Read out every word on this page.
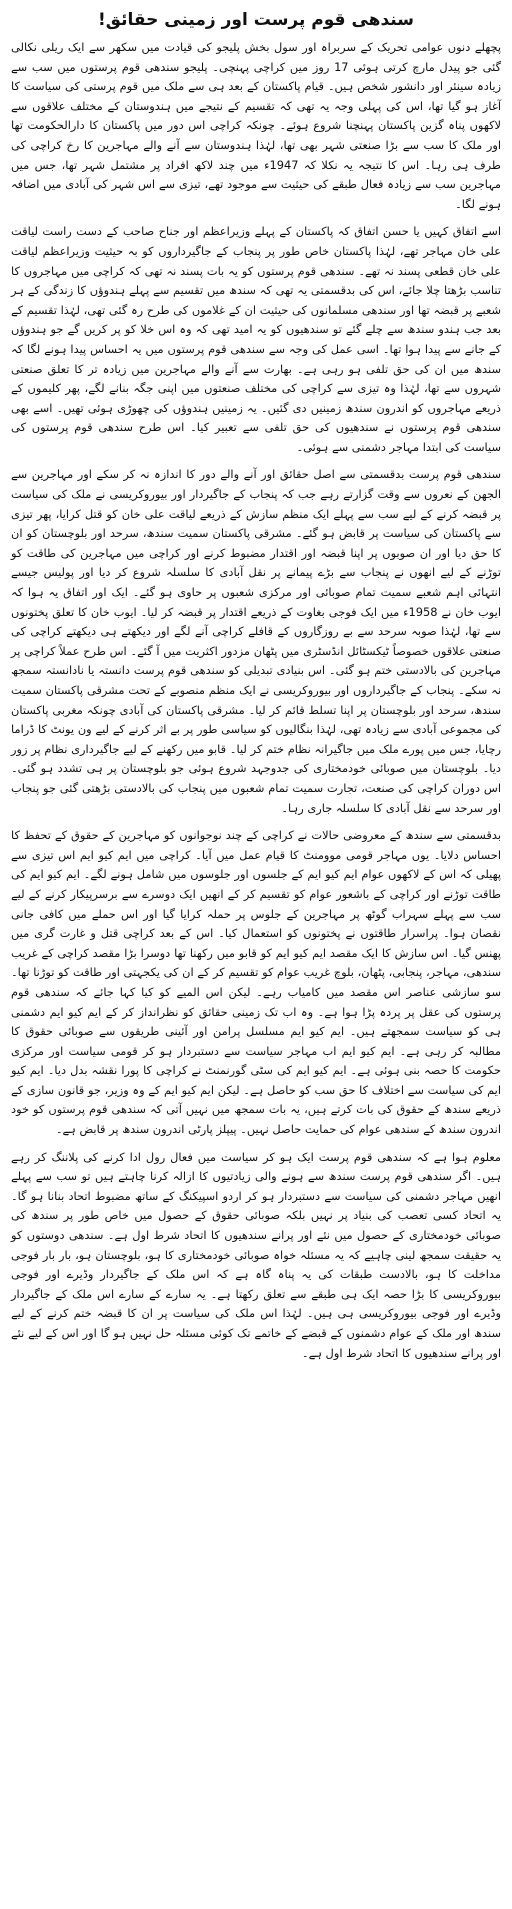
سندھی قوم پرست اور زمینی حقائق!

پچھلے دنوں عوامی تحریک کے سربراہ اور سول بخش پلیجو کی قیادت میں سکھر سے ایک ریلی نکالی گئی جو پیدل مارچ کرتی ہوئی 17 روز میں کراچی پہنچی۔ پلیجو سندھی قوم پرستوں میں سب سے زیادہ سینئر اور دانشور شخص ہیں۔ قیام پاکستان کے بعد ہی سے ملک میں قوم پرستی کی سیاست کا آغاز ہو گیا تھا، اس کی پہلی وجہ یہ تھی کہ تقسیم کے نتیجے میں ہندوستان کے مختلف علاقوں سے لاکھوں پناہ گزین پاکستان پہنچنا شروع ہوئے۔ چونکہ کراچی اس دور میں پاکستان کا دارالحکومت تھا اور ملک کا سب سے بڑا صنعتی شہر بھی تھا، لہٰذا ہندوستان سے آنے والے مہاجرین کا رخ کراچی کی طرف ہی رہا۔ اس کا نتیجہ یہ نکلا کہ 1947ء میں چند لاکھ افراد پر مشتمل شہر تھا، جس میں مہاجرین سب سے زیادہ فعال طبقے کی حیثیت سے موجود تھے، تیزی سے اس شہر کی آبادی میں اضافہ ہونے لگا۔

اسے اتفاق کہیں یا حسن اتفاق کہ پاکستان کے پہلے وزیراعظم اور جناح صاحب کے دست راست لیاقت علی خان مہاجر تھے، لہٰذا پاکستان خاص طور پر پنجاب کے جاگیرداروں کو بہ حیثیت وزیراعظم لیاقت علی خان قطعی پسند نہ تھے۔ سندھی قوم پرستوں کو یہ بات پسند نہ تھی کہ کراچی میں مہاجروں کا تناسب بڑھتا چلا جائے، اس کی بدقسمتی یہ تھی کہ سندھ میں تقسیم سے پہلے ہندوؤں کا زندگی کے ہر شعبے پر قبضہ تھا اور سندھی مسلمانوں کی حیثیت ان کے غلاموں کی طرح رہ گئی تھی، لہٰذا تقسیم کے بعد جب ہندو سندھ سے چلے گئے تو سندھیوں کو یہ امید تھی کہ وہ اس خلا کو پر کریں گے جو ہندوؤں کے جانے سے پیدا ہوا تھا۔ اسی عمل کی وجہ سے سندھی قوم پرستوں میں یہ احساس پیدا ہونے لگا کہ سندھ میں ان کی حق تلفی ہو رہی ہے۔ بھارت سے آنے والے مہاجرین میں زیادہ تر کا تعلق صنعتی شہروں سے تھا، لہٰذا وہ تیزی سے کراچی کی مختلف صنعتوں میں اپنی جگہ بنانے لگے، پھر کلیموں کے ذریعے مہاجروں کو اندرون سندھ زمینیں دی گئیں۔ یہ زمینیں ہندوؤں کی چھوڑی ہوئی تھیں۔ اسے بھی سندھی قوم پرستوں نے سندھیوں کی حق تلفی سے تعبیر کیا۔ اس طرح سندھی قوم پرستوں کی سیاست کی ابتدا مہاجر دشمنی سے ہوئی۔

سندھی قوم پرست بدقسمتی سے اصل حقائق اور آنے والے دور کا اندازہ نہ کر سکے اور مہاجرین سے الجھن کے نعروں سے وقت گزارتے رہے جب کہ پنجاب کے جاگیردار اور بیوروکریسی نے ملک کی سیاست پر قبضہ کرنے کے لیے سب سے پہلے ایک منظم سازش کے ذریعے لیاقت علی خان کو قتل کرایا، پھر تیزی سے پاکستان کی سیاست پر قابض ہو گئے۔ مشرقی پاکستان سمیت سندھ، سرحد اور بلوچستان کو ان کا حق دیا اور ان صوبوں پر اپنا قبضہ اور اقتدار مضبوط کرنے اور کراچی میں مہاجرین کی طاقت کو توڑنے کے لیے انھوں نے پنجاب سے بڑے پیمانے پر نقل آبادی کا سلسلہ شروع کر دیا اور پولیس جیسے انتہائی اہم شعبے سمیت تمام صوبائی اور مرکزی شعبوں پر حاوی ہو گئے۔ ایک اور اتفاق یہ ہوا کہ ایوب خان نے 1958ء میں ایک فوجی بغاوت کے ذریعے اقتدار پر قبضہ کر لیا۔ ایوب خان کا تعلق پختونوں سے تھا، لہٰذا صوبہ سرحد سے بے روزگاروں کے قافلے کراچی آنے لگے اور دیکھتے ہی دیکھتے کراچی کی صنعتی علاقوں خصوصاً ٹیکسٹائل انڈسٹری میں پٹھان مزدور اکثریت میں آ گئے۔ اس طرح عملاً کراچی پر مہاجرین کی بالادستی ختم ہو گئی۔ اس بنیادی تبدیلی کو سندھی قوم پرست دانستہ یا نادانستہ سمجھ نہ سکے۔ پنجاب کے جاگیرداروں اور بیوروکریسی نے ایک منظم منصوبے کے تحت مشرقی پاکستان سمیت سندھ، سرحد اور بلوچستان پر اپنا تسلط قائم کر لیا۔ مشرقی پاکستان کی آبادی چونکہ مغربی پاکستان کی مجموعی آبادی سے زیادہ تھی، لہٰذا بنگالیوں کو سیاسی طور پر بے اثر کرنے کے لیے ون یونٹ کا ڈراما رچایا، جس میں پورے ملک میں جاگیرانہ نظام ختم کر لیا۔ قابو میں رکھنے کے لیے جاگیرداری نظام پر زور دیا۔ بلوچستان میں صوبائی خودمختاری کی جدوجہد شروع ہوئی جو بلوچستان پر ہی تشدد ہو گئی۔ اس دوران کراچی کی صنعت، تجارت سمیت تمام شعبوں میں پنجاب کی بالادستی بڑھتی گئی جو پنجاب اور سرحد سے نقل آبادی کا سلسلہ جاری رہا۔

بدقسمتی سے سندھ کے معروضی حالات نے کراچی کے چند نوجوانوں کو مہاجرین کے حقوق کے تحفظ کا احساس دلایا۔ یوں مہاجر قومی موومنٹ کا قیام عمل میں آیا۔ کراچی میں ایم کیو ایم اس تیزی سے پھیلی کہ اس کے لاکھوں عوام ایم کیو ایم کے جلسوں اور جلوسوں میں شامل ہونے لگے۔ ایم کیو ایم کی طاقت توڑنے اور کراچی کے باشعور عوام کو تقسیم کر کے انھیں ایک دوسرے سے برسرپیکار کرنے کے لیے سب سے پہلے سہراب گوٹھ پر مہاجرین کے جلوس پر حملہ کرایا گیا اور اس حملے میں کافی جانی نقصان ہوا۔ پراسرار طاقتوں نے پختونوں کو استعمال کیا۔ اس کے بعد کراچی قتل و غارت گری میں پھنس گیا۔ اس سازش کا ایک مقصد ایم کیو ایم کو قابو میں رکھنا تھا دوسرا بڑا مقصد کراچی کے غریب سندھی، مہاجر، پنجابی، پٹھان، بلوچ غریب عوام کو تقسیم کر کے ان کی یکجہتی اور طاقت کو توڑنا تھا۔ سو سازشی عناصر اس مقصد میں کامیاب رہے۔ لیکن اس المیے کو کیا کہا جائے کہ سندھی قوم پرستوں کی عقل پر پردہ پڑا ہوا ہے۔ وہ اب تک زمینی حقائق کو نظرانداز کر کے ایم کیو ایم دشمنی ہی کو سیاست سمجھتے ہیں۔ ایم کیو ایم مسلسل پرامن اور آئینی طریقوں سے صوبائی حقوق کا مطالبہ کر رہی ہے۔ ایم کیو ایم اب مہاجر سیاست سے دستبردار ہو کر قومی سیاست اور مرکزی حکومت کا حصہ بنی ہوئی ہے۔ ایم کیو ایم کی سٹی گورنمنٹ نے کراچی کا پورا نقشہ بدل دیا۔ ایم کیو ایم کی سیاست سے اختلاف کا حق سب کو حاصل ہے۔ لیکن ایم کیو ایم کے وہ وزیر، جو قانون سازی کے ذریعے سندھ کے حقوق کی بات کرتے ہیں، یہ بات سمجھ میں نہیں آتی کہ سندھی قوم پرستوں کو خود اندرون سندھ کے سندھی عوام کی حمایت حاصل نہیں۔ پیپلز پارٹی اندرون سندھ پر قابض ہے۔

معلوم ہوا ہے کہ سندھی قوم پرست ایک ہو کر سیاست میں فعال رول ادا کرنے کی پلاننگ کر رہے ہیں۔ اگر سندھی قوم پرست سندھ سے ہونے والی زیادتیوں کا ازالہ کرنا چاہتے ہیں تو سب سے پہلے انھیں مہاجر دشمنی کی سیاست سے دستبردار ہو کر اردو اسپیکنگ کے ساتھ مضبوط اتحاد بنانا ہو گا۔ یہ اتحاد کسی تعصب کی بنیاد پر نہیں بلکہ صوبائی حقوق کے حصول میں خاص طور پر سندھ کی صوبائی خودمختاری کے حصول میں نئے اور پرانے سندھیوں کا اتحاد شرط اول ہے۔ سندھی دوستوں کو یہ حقیقت سمجھ لینی چاہیے کہ یہ مسئلہ خواہ صوبائی خودمختاری کا ہو، بلوچستان ہو، بار بار فوجی مداخلت کا ہو، بالادست طبقات کی یہ پناہ گاہ ہے کہ اس ملک کے جاگیردار وڈیرے اور فوجی بیوروکریسی کا بڑا حصہ ایک ہی طبقے سے تعلق رکھتا ہے۔ یہ سارے کے سارے اس ملک کے جاگیردار وڈیرے اور فوجی بیوروکریسی ہی ہیں۔ لہٰذا اس ملک کی سیاست پر ان کا قبضہ ختم کرنے کے لیے سندھ اور ملک کے عوام دشمنوں کے قبضے کے خاتمے تک کوئی مسئلہ حل نہیں ہو گا اور اس کے لیے نئے اور پرانے سندھیوں کا اتحاد شرط اول ہے۔
